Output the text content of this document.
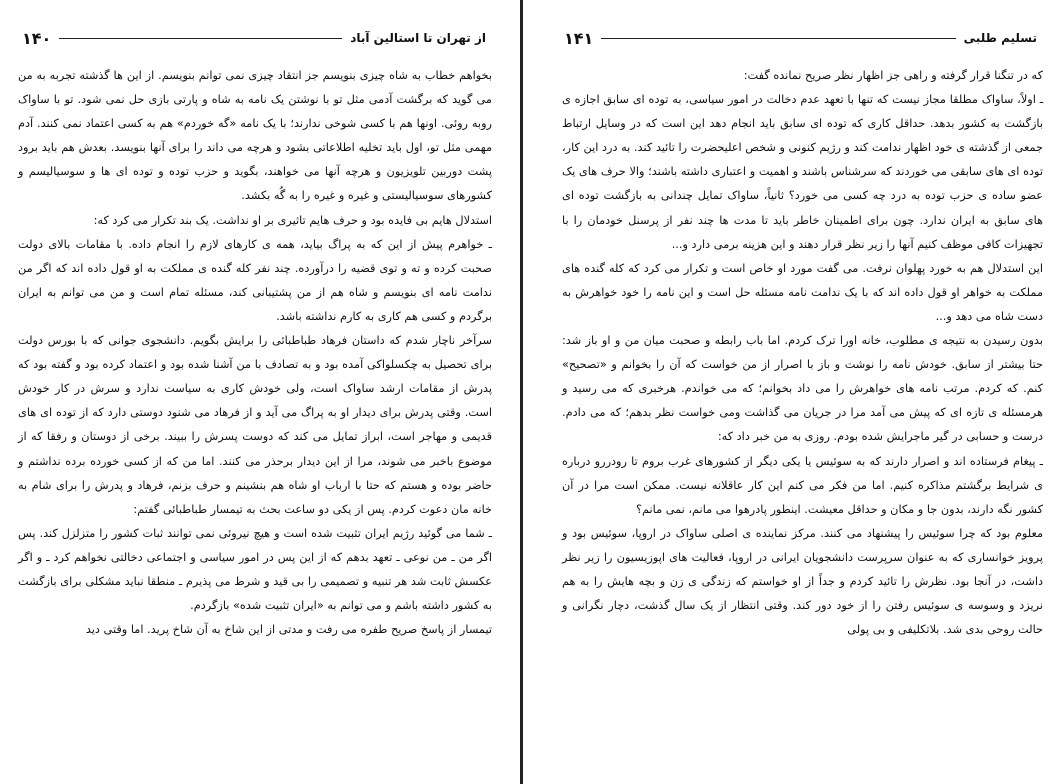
از تهران تا استالین آباد
۱۴۰

بخواهم خطاب به شاه چیزی بنویسم جز انتقاد چیزی نمی توانم بنویسم. از این ها گذشته تجربه به من می گوید که برگشت آدمی مثل تو با نوشتن یک نامه به شاه و پارتی بازی حل نمی شود. تو با ساواک روبه روئی. اونها هم با کسی شوخی ندارند؛ با یک نامه «گه خوردم» هم به کسی اعتماد نمی کنند. آدم مهمی مثل تو، اول باید تخلیه اطلاعاتی بشود و هرچه می داند را برای آنها بنویسد. بعدش هم باید برود پشت دوربین تلویزیون و هرچه آنها می خواهند، بگوید و حزب توده و توده ای ها و سوسیالیسم و کشورهای سوسیالیستی و غیره و غیره را به گُه بکشد.

استدلال هایم بی فایده بود و حرف هایم تاثیری بر او نداشت. یک بند تکرار می کرد که:

ـ خواهرم پیش از این که به پراگ بیاید، همه ی کارهای لازم را انجام داده. با مقامات بالای دولت صحبت کرده و ته و توی قضیه را درآورده. چند نفر کله گنده ی مملکت به او قول داده اند که اگر من ندامت نامه ای بنویسم و شاه هم از من پشتیبانی کند، مسئله تمام است و من می توانم به ایران برگردم و کسی هم کاری به کارم نداشته باشد.

سرآخر ناچار شدم که داستان فرهاد طباطبائی را برایش بگویم. دانشجوی جوانی که با بورس دولت برای تحصیل به چکسلواکی آمده بود و به تصادف با من آشنا شده بود و اعتماد کرده بود و گفته بود که پدرش از مقامات ارشد ساواک است، ولی خودش کاری به سیاست ندارد و سرش در کار خودش است. وقتی پدرش برای دیدار او به پراگ می آید و از فرهاد می شنود دوستی دارد که از توده ای های قدیمی و مهاجر است، ابراز تمایل می کند که دوست پسرش را ببیند. برخی از دوستان و رفقا که از موضوع باخبر می شوند، مرا از این دیدار برحذر می کنند. اما من که از کسی خورده برده نداشتم و حاضر بوده و هستم که حتا با ارباب او شاه هم بنشینم و حرف بزنم، فرهاد و پدرش را برای شام به خانه مان دعوت کردم. پس از یکی دو ساعت بحث به تیمسار طباطبائی گفتم:

ـ شما می گوئید رژیم ایران تثبیت شده است و هیچ نیروئی نمی توانند ثبات کشور را متزلزل کند. پس اگر من ـ من نوعی ـ تعهد بدهم که از این پس در امور سیاسی و اجتماعی دخالتی نخواهم کرد ـ و اگر عکسش ثابت شد هر تنبیه و تصمیمی را بی قید و شرط می پذیرم ـ منطقا نباید مشکلی برای بازگشت به کشور داشته باشم و می توانم به «ایران تثبیت شده» بازگردم.

تیمسار از پاسخ صریح طفره می رفت و مدتی از این شاخ به آن شاخ پرید. اما وقتی دید

تسلیم طلبی
۱۴۱

که در تنگنا قرار گرفته و راهی جز اظهار نظر صریح نمانده گفت:

ـ اولاً، ساواک مطلقا مجاز نیست که تنها با تعهد عدم دخالت در امور سیاسی، به توده ای سابق اجازه ی بازگشت به کشور بدهد. حداقل کاری که توده ای سابق باید انجام دهد این است که در وسایل ارتباط جمعی از گذشته ی خود اظهار ندامت کند و رژیم کنونی و شخص اعلیحضرت را تائید کند. به درد این کار، توده ای های سابقی می خوردند که سرشناس باشند و اهمیت و اعتباری داشته باشند؛ والا حرف های یک عضو ساده ی حزب توده به درد چه کسی می خورد؟ ثانیاً، ساواک تمایل چندانی به بازگشت توده ای های سابق به ایران ندارد. چون برای اطمینان خاطر باید تا مدت ها چند نفر از پرسنل خودمان را با تجهیزات کافی موظف کنیم آنها را زیر نظر قرار دهند و این هزینه برمی دارد و...

این استدلال هم به خورد پهلوان نرفت. می گفت مورد او خاص است و تکرار می کرد که کله گنده های مملکت به خواهر او قول داده اند که با یک ندامت نامه مسئله حل است و این نامه را خود خواهرش به دست شاه می دهد و...

بدون رسیدن به نتیجه ی مطلوب، خانه اورا ترک کردم. اما باب رابطه و صحبت میان من و او باز شد: حتا بیشتر از سابق. خودش نامه را نوشت و باز با اصرار از من خواست که آن را بخوانم و «تصحیح» کنم. که کردم. مرتب نامه های خواهرش را می داد بخوانم؛ که می خواندم. هرخبری که می رسید و هرمسئله ی تازه ای که پیش می آمد مرا در جریان می گذاشت ومی خواست نظر بدهم؛ که می دادم. درست و حسابی در گیر ماجرایش شده بودم. روزی به من خبر داد که:

ـ پیغام فرستاده اند و اصرار دارند که به سوئیس یا یکی دیگر از کشورهای غرب بروم تا رودررو درباره ی شرایط برگشتم مذاکره کنیم. اما من فکر می کنم این کار عاقلانه نیست. ممکن است مرا در آن کشور نگه دارند، بدون جا و مکان و حداقل معیشت. اینطور پادرهوا می مانم، نمی مانم؟

معلوم بود که چرا سوئیس را پیشنهاد می کنند. مرکز نماینده ی اصلی ساواک در اروپا، سوئیس بود و پرویز خوانساری که به عنوان سرپرست دانشجویان ایرانی در اروپا، فعالیت های اپوزیسیون را زیر نظر داشت، در آنجا بود. نظرش را تائید کردم و جداً از او خواستم که زندگی ی زن و بچه هایش را به هم نریزد و وسوسه ی سوئیس رفتن را از خود دور کند. وقتی انتظار از یک سال گذشت، دچار نگرانی و حالت روحی بدی شد. بلاتکلیفی و بی پولی
